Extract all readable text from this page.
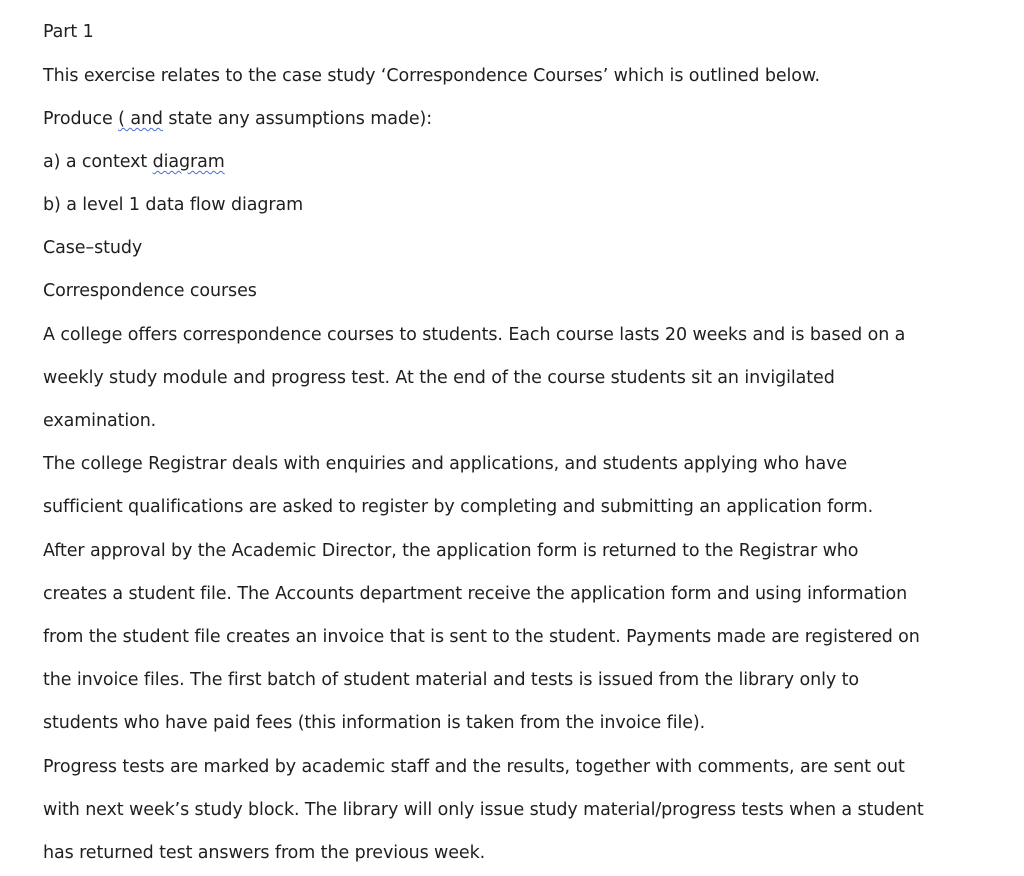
Part 1

This exercise relates to the case study ‘Correspondence Courses’ which is outlined below.

Produce ( and state any assumptions made):

a) a context diagram

b) a level 1 data flow diagram

Case–study

Correspondence courses

A college offers correspondence courses to students. Each course lasts 20 weeks and is based on a

weekly study module and progress test. At the end of the course students sit an invigilated

examination.

The college Registrar deals with enquiries and applications, and students applying who have

sufficient qualifications are asked to register by completing and submitting an application form.

After approval by the Academic Director, the application form is returned to the Registrar who

creates a student file. The Accounts department receive the application form and using information

from the student file creates an invoice that is sent to the student. Payments made are registered on

the invoice files. The first batch of student material and tests is issued from the library only to

students who have paid fees (this information is taken from the invoice file).

Progress tests are marked by academic staff and the results, together with comments, are sent out

with next week’s study block. The library will only issue study material/progress tests when a student

has returned test answers from the previous week.
